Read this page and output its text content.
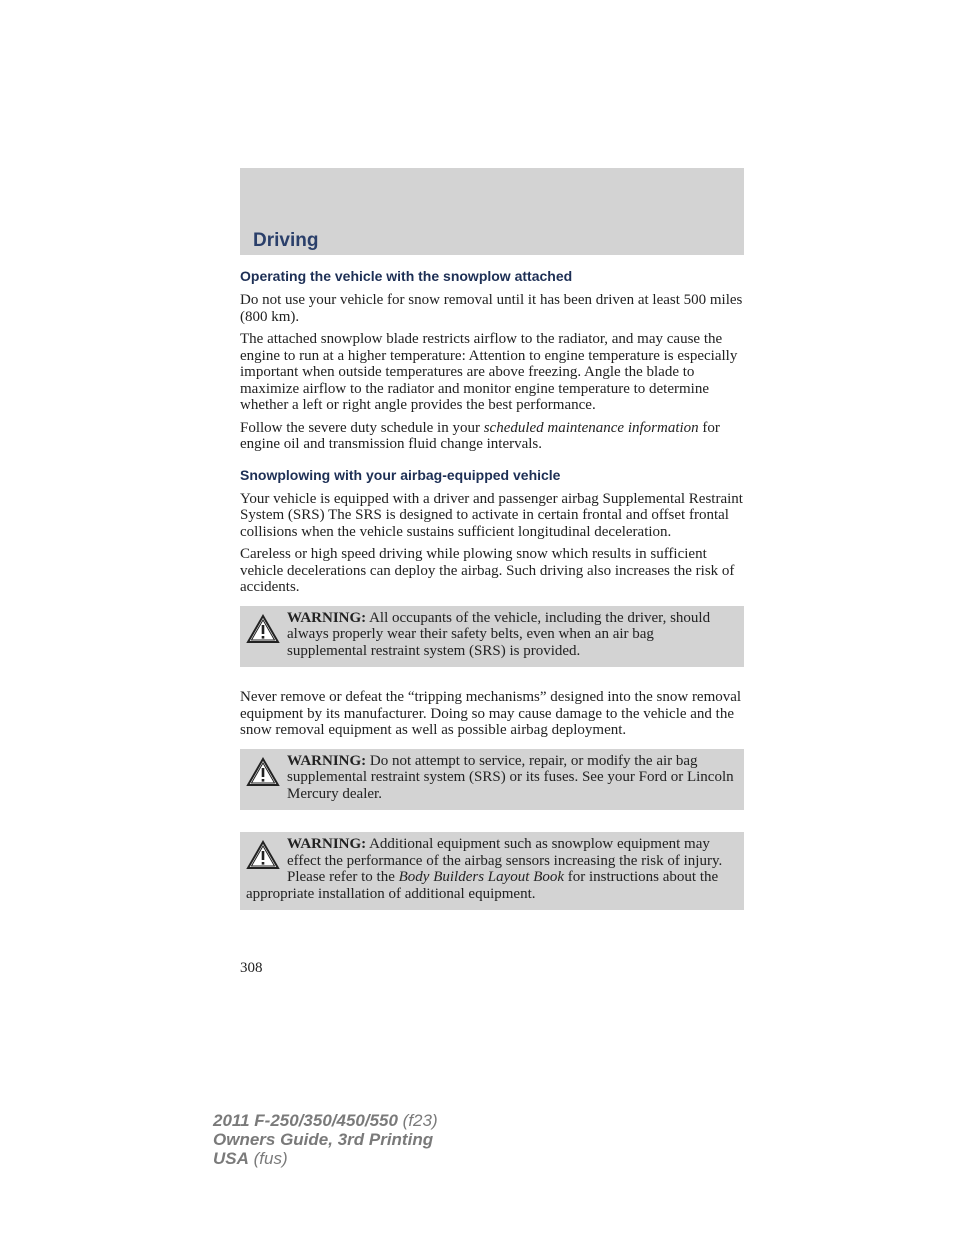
Driving
Operating the vehicle with the snowplow attached

Do not use your vehicle for snow removal until it has been driven at least 500 miles (800 km).

The attached snowplow blade restricts airflow to the radiator, and may cause the engine to run at a higher temperature: Attention to engine temperature is especially important when outside temperatures are above freezing. Angle the blade to maximize airflow to the radiator and monitor engine temperature to determine whether a left or right angle provides the best performance.

Follow the severe duty schedule in your scheduled maintenance information for engine oil and transmission fluid change intervals.

Snowplowing with your airbag-equipped vehicle

Your vehicle is equipped with a driver and passenger airbag Supplemental Restraint System (SRS) The SRS is designed to activate in certain frontal and offset frontal collisions when the vehicle sustains sufficient longitudinal deceleration.

Careless or high speed driving while plowing snow which results in sufficient vehicle decelerations can deploy the airbag. Such driving also increases the risk of accidents.

WARNING: All occupants of the vehicle, including the driver, should always properly wear their safety belts, even when an air bag supplemental restraint system (SRS) is provided.

Never remove or defeat the “tripping mechanisms” designed into the snow removal equipment by its manufacturer. Doing so may cause damage to the vehicle and the snow removal equipment as well as possible airbag deployment.

WARNING: Do not attempt to service, repair, or modify the air bag supplemental restraint system (SRS) or its fuses. See your Ford or Lincoln Mercury dealer.
WARNING: Additional equipment such as snowplow equipment may effect the performance of the airbag sensors increasing the risk of injury. Please refer to the Body Builders Layout Book for instructions about the appropriate installation of additional equipment.
308
2011 F-250/350/450/550 (f23)
Owners Guide, 3rd Printing
USA (fus)
